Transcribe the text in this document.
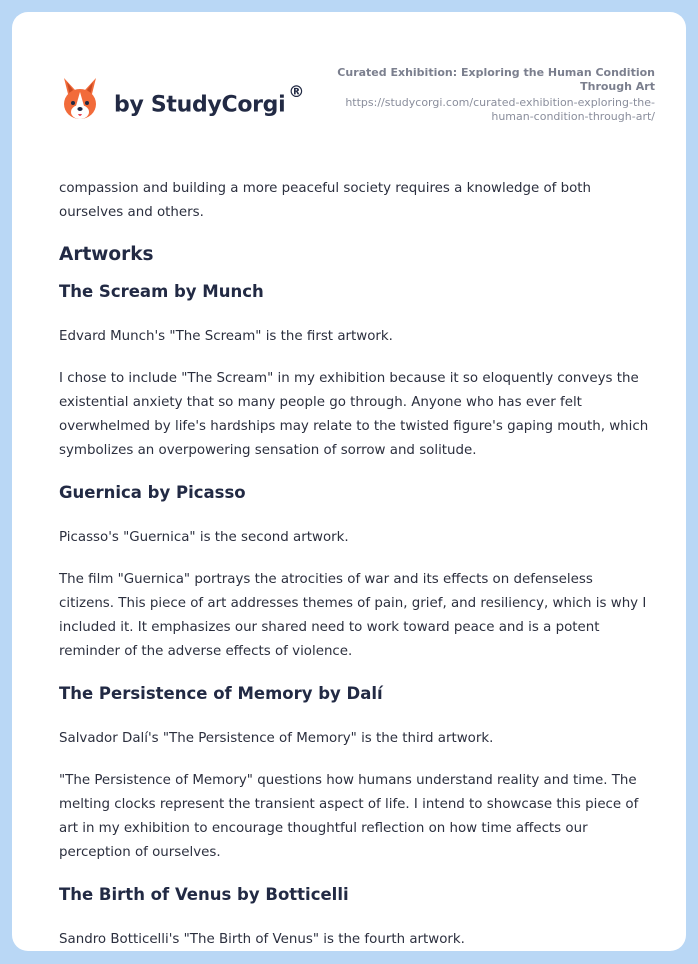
by StudyCorgi®
Curated Exhibition: Exploring the Human Condition Through Art
https://studycorgi.com/curated-exhibition-exploring-the-human-condition-through-art/

compassion and building a more peaceful society requires a knowledge of both ourselves and others.

Artworks
The Scream by Munch

Edvard Munch's "The Scream" is the first artwork.

I chose to include "The Scream" in my exhibition because it so eloquently conveys the existential anxiety that so many people go through. Anyone who has ever felt overwhelmed by life's hardships may relate to the twisted figure's gaping mouth, which symbolizes an overpowering sensation of sorrow and solitude.

Guernica by Picasso

Picasso's "Guernica" is the second artwork.

The film "Guernica" portrays the atrocities of war and its effects on defenseless citizens. This piece of art addresses themes of pain, grief, and resiliency, which is why I included it. It emphasizes our shared need to work toward peace and is a potent reminder of the adverse effects of violence.

The Persistence of Memory by Dalí

Salvador Dalí's "The Persistence of Memory" is the third artwork.

"The Persistence of Memory" questions how humans understand reality and time. The melting clocks represent the transient aspect of life. I intend to showcase this piece of art in my exhibition to encourage thoughtful reflection on how time affects our perception of ourselves.

The Birth of Venus by Botticelli

Sandro Botticelli's "The Birth of Venus" is the fourth artwork.
